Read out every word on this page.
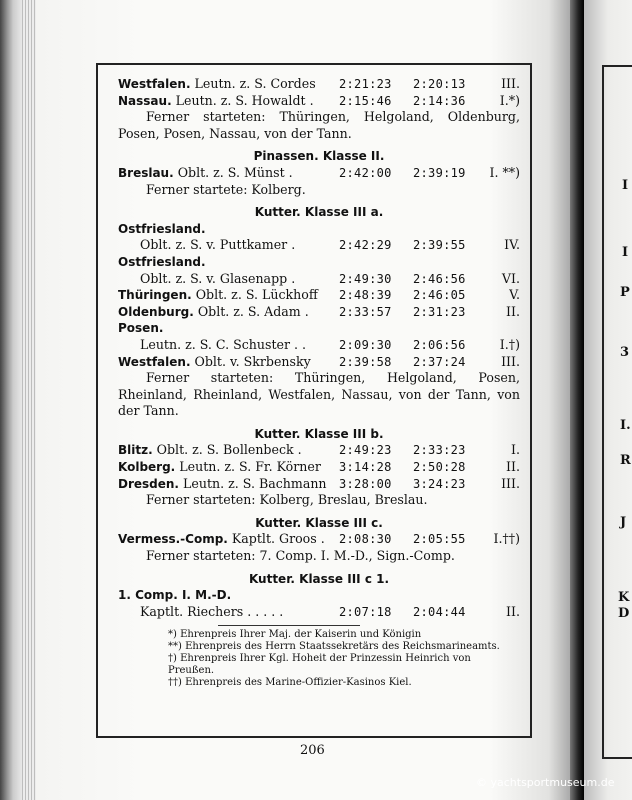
I
I
P
3
I.
R
J
K
D
Westfalen. Leutn. z. S. Cordes 2:21:23 2:20:13	III.
Nassau. Leutn. z. S. Howaldt . 2:15:46 2:14:36	I.*)
Ferner starteten: Thüringen, Helgoland, Oldenburg, Posen, Posen, Nassau, von der Tann.
Pinassen. Klasse II.
Breslau. Oblt. z. S. Münst .	2:42:00 2:39:19 I. **)
Ferner startete: Kolberg.
Kutter. Klasse III a.
Ostfriesland.
Oblt. z. S. v. Puttkamer .	2:42:29 2:39:55	IV.
Ostfriesland.
Oblt. z. S. v. Glasenapp .	2:49:30 2:46:56	VI.
Thüringen. Oblt. z. S. Lückhoff 2:48:39 2:46:05	V.
Oldenburg. Oblt. z. S. Adam .	2:33:57 2:31:23	II.
Posen.
Leutn. z. S. C. Schuster . .	2:09:30 2:06:56	I.†)
Westfalen. Oblt. v. Skrbensky 2:39:58 2:37:24	III.
Ferner starteten: Thüringen, Helgoland, Posen, Rheinland, Rheinland, Westfalen, Nassau, von der Tann, von der Tann.
Kutter. Klasse III b.
Blitz. Oblt. z. S. Bollenbeck .	2:49:23 2:33:23	I.
Kolberg. Leutn. z. S. Fr. Körner 3:14:28 2:50:28	II.
Dresden. Leutn. z. S. Bachmann 3:28:00 3:24:23	III.
Ferner starteten: Kolberg, Breslau, Breslau.
Kutter. Klasse III c.
Vermess.-Comp. Kaptlt. Groos . 2:08:30 2:05:55 I.††)
Ferner starteten: 7. Comp. I. M.-D., Sign.-Comp.
Kutter. Klasse III c 1.
1. Comp. I. M.-D.
Kaptlt. Riechers . . . . .	2:07:18 2:04:44	II.
*) Ehrenpreis Ihrer Maj. der Kaiserin und Königin
**) Ehrenpreis des Herrn Staatssekretärs des Reichsmarineamts.
†) Ehrenpreis Ihrer Kgl. Hoheit der Prinzessin Heinrich von Preußen.
††) Ehrenpreis des Marine-Offizier-Kasinos Kiel.
206
© yachtsportmuseum.de
